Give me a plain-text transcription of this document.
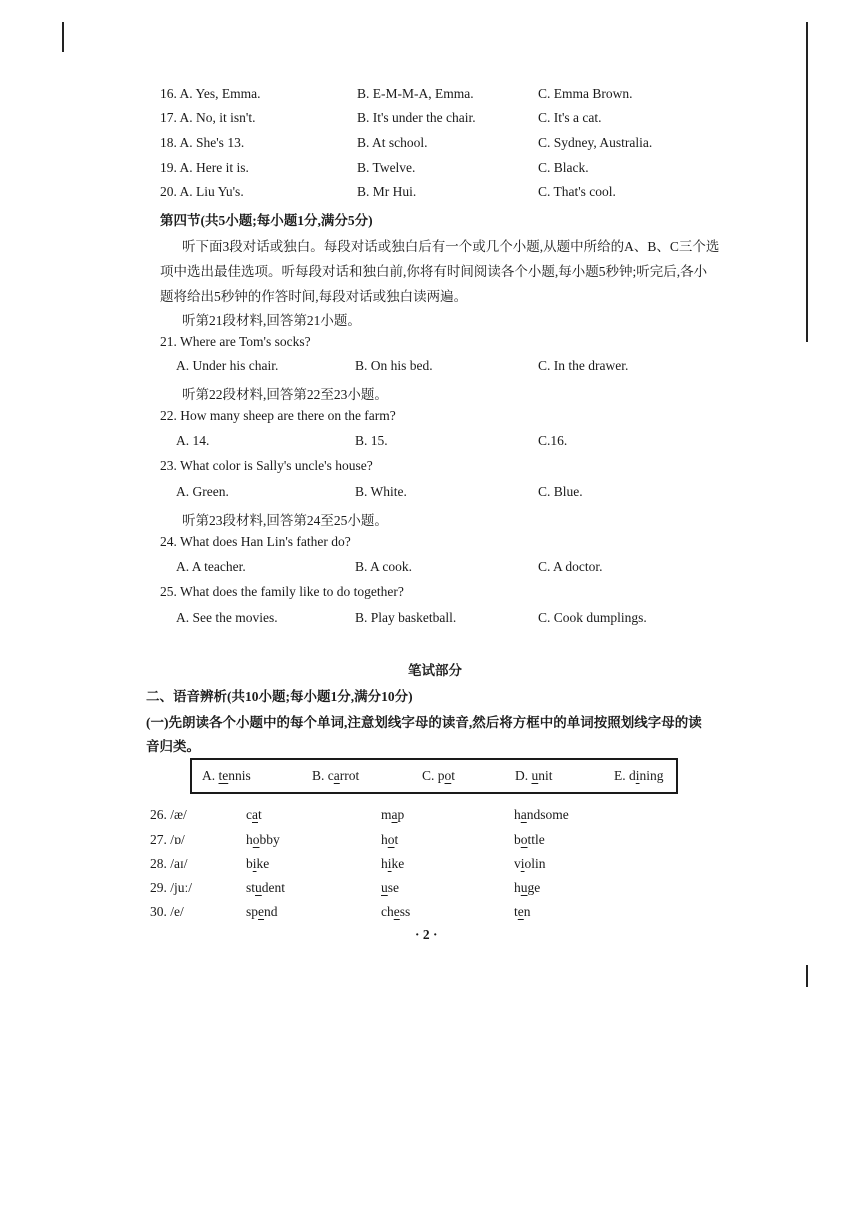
16. A. Yes, Emma.	B. E-M-M-A, Emma.	C. Emma Brown.
17. A. No, it isn't.	B. It's under the chair.	C. It's a cat.
18. A. She's 13.	B. At school.	C. Sydney, Australia.
19. A. Here it is.	B. Twelve.	C. Black.
20. A. Liu Yu's.	B. Mr Hui.	C. That's cool.
第四节(共5小题;每小题1分,满分5分)
听下面3段对话或独白。每段对话或独白后有一个或几个小题,从题中所给的A、B、C三个选
项中选出最佳选项。听每段对话和独白前,你将有时间阅读各个小题,每小题5秒钟;听完后,各小
题将给出5秒钟的作答时间,每段对话或独白读两遍。
听第21段材料,回答第21小题。
21. Where are Tom's socks?
A. Under his chair.	B. On his bed.	C. In the drawer.
听第22段材料,回答第22至23小题。
22. How many sheep are there on the farm?
A. 14.	B. 15.	C.16.
23. What color is Sally's uncle's house?
A. Green.	B. White.	C. Blue.
听第23段材料,回答第24至25小题。
24. What does Han Lin's father do?
A. A teacher.	B. A cook.	C. A doctor.
25. What does the family like to do together?
A. See the movies.	B. Play basketball.	C. Cook dumplings.
笔试部分
二、语音辨析(共10小题;每小题1分,满分10分)
(一)先朗读各个小题中的每个单词,注意划线字母的读音,然后将方框中的单词按照划线字母的读
音归类。
A. tennis	B. carrot	C. pot	D. unit	E. dining
26. /æ/	cat	map	handsome
27. /ɒ/	hobby	hot	bottle
28. /aɪ/	bike	hike	violin
29. /juː/	student	use	huge
30. /e/	spend	chess	ten
· 2 ·
